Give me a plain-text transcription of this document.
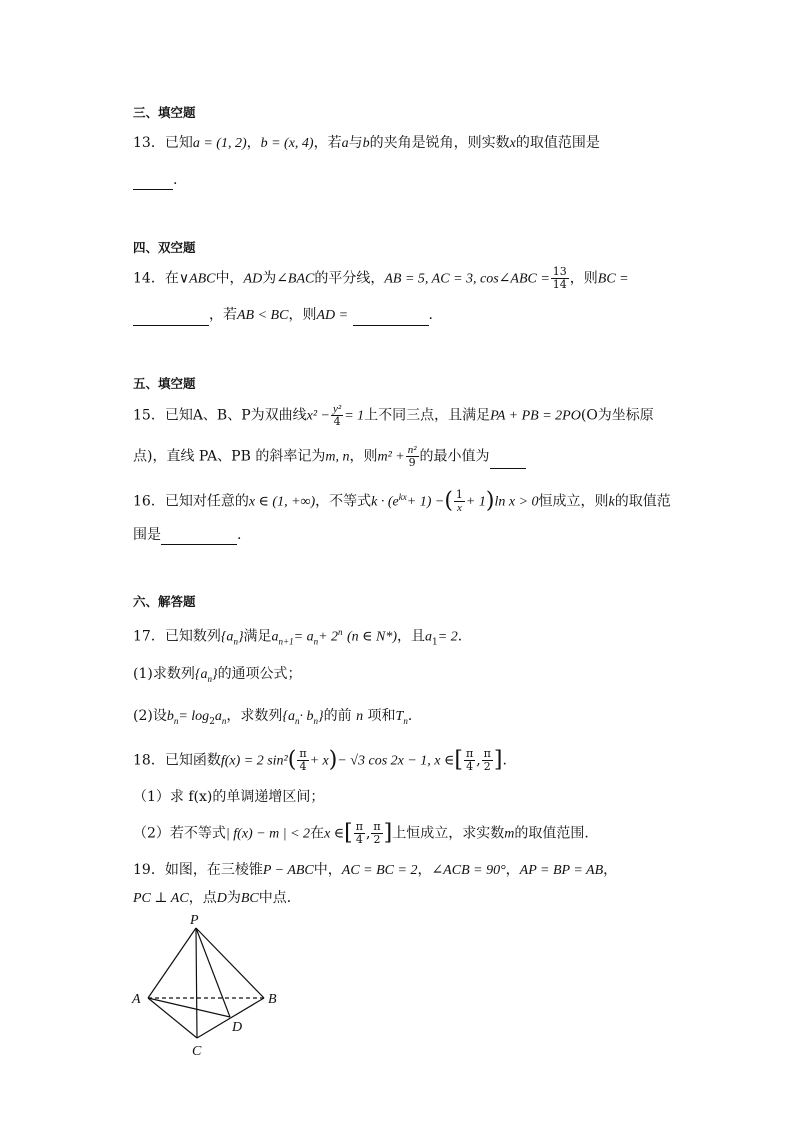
三、填空题
13．已知a = (1, 2)，b = (x, 4)，若a与b的夹角是锐角，则实数x的取值范围是
.
四、双空题
14．在∨ABC中，AD为∠BAC的平分线，AB = 5, AC = 3, cos∠ABC = $\frac{13}{14}$ ，则BC =
，若AB < BC，则AD =	.
五、填空题
15．已知A、B、P为双曲线$x^2 - \frac{\text{y²}}{4} = 1$上不同三点，且满足PA + PB = 2PO(O为坐标原
点)，直线 PA、PB 的斜率记为m, n，则$m^2 + \frac{\text{n²}}{9}$ 的最小值为
16．已知对任意的x ∈ (1, +∞)，不等式$k \cdot (e^{kx}+ 1)$ −( $\frac{1}{x} + 1)\ln$ x > 0恒成立，则k的取值范
围是	.
六、解答题
17．已知数列$\{a_n\}$满足$a_{n+1}= a_n+ 2^n$ (n ∈ N*)，且$a_1= 2$．
(1)求数列$\{a_n\}$的通项公式；
(2)设$b_n= \log_2a_n$，求数列$\{a_n\cdot b_n\}$的前 n 项和$T_n$．
18．已知函数f(x) = 2 $\sin^2( \frac{\pi}{4} + x)- √3$ cos 2x − 1, x ∈[ $\frac{\pi}{4}$ , $\frac{\pi}{2}$ ].
（1）求 f(x)的单调递增区间；
（2）若不等式| f(x) − m | < 2在x ∈[ $\frac{\pi}{4}$ , $\frac{\pi}{2}$ ]上恒成立，求实数m的取值范围.
19．如图，在三棱锥P − ABC中，AC = BC = 2，∠ACB = 90°，AP = BP = AB，
PC ⊥ AC，点D为BC中点．
P
A	B
C
D
